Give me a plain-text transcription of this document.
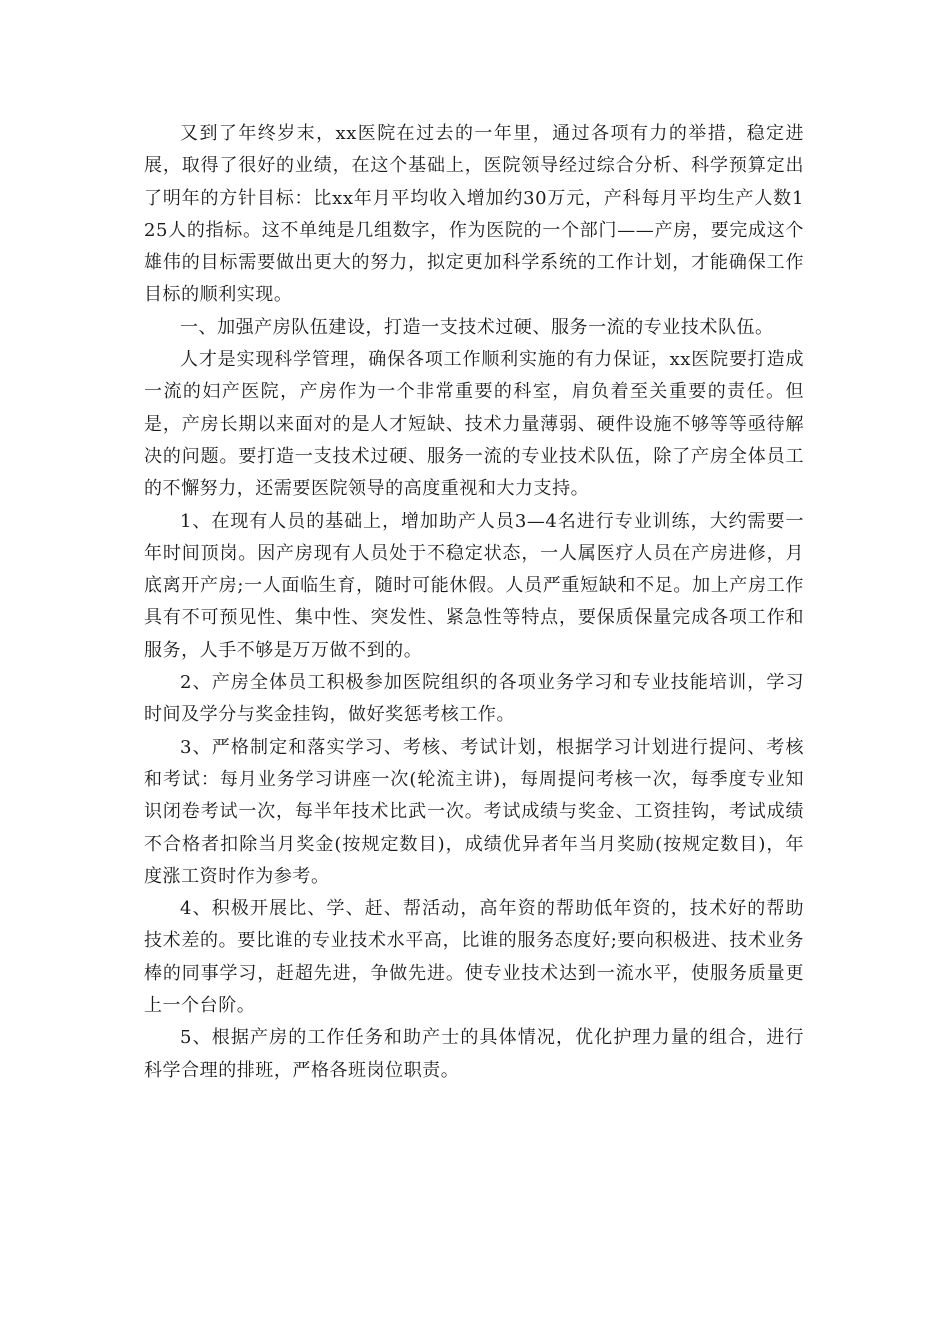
又到了年终岁末，xx医院在过去的一年里，通过各项有力的举措，稳定进展，取得了很好的业绩，在这个基础上，医院领导经过综合分析、科学预算定出了明年的方针目标：比xx年月平均收入增加约30万元，产科每月平均生产人数125人的指标。这不单纯是几组数字，作为医院的一个部门——产房，要完成这个雄伟的目标需要做出更大的努力，拟定更加科学系统的工作计划，才能确保工作目标的顺利实现。

一、加强产房队伍建设，打造一支技术过硬、服务一流的专业技术队伍。

人才是实现科学管理，确保各项工作顺利实施的有力保证，xx医院要打造成一流的妇产医院，产房作为一个非常重要的科室，肩负着至关重要的责任。但是，产房长期以来面对的是人才短缺、技术力量薄弱、硬件设施不够等等亟待解决的问题。要打造一支技术过硬、服务一流的专业技术队伍，除了产房全体员工的不懈努力，还需要医院领导的高度重视和大力支持。

1、在现有人员的基础上，增加助产人员3—4名进行专业训练，大约需要一年时间顶岗。因产房现有人员处于不稳定状态，一人属医疗人员在产房进修，月底离开产房;一人面临生育，随时可能休假。人员严重短缺和不足。加上产房工作具有不可预见性、集中性、突发性、紧急性等特点，要保质保量完成各项工作和服务，人手不够是万万做不到的。

2、产房全体员工积极参加医院组织的各项业务学习和专业技能培训，学习时间及学分与奖金挂钩，做好奖惩考核工作。

3、严格制定和落实学习、考核、考试计划，根据学习计划进行提问、考核和考试：每月业务学习讲座一次(轮流主讲)，每周提问考核一次，每季度专业知识闭卷考试一次，每半年技术比武一次。考试成绩与奖金、工资挂钩，考试成绩不合格者扣除当月奖金(按规定数目)，成绩优异者年当月奖励(按规定数目)，年度涨工资时作为参考。

4、积极开展比、学、赶、帮活动，高年资的帮助低年资的，技术好的帮助技术差的。要比谁的专业技术水平高，比谁的服务态度好;要向积极进、技术业务棒的同事学习，赶超先进，争做先进。使专业技术达到一流水平，使服务质量更上一个台阶。

5、根据产房的工作任务和助产士的具体情况，优化护理力量的组合，进行科学合理的排班，严格各班岗位职责。
